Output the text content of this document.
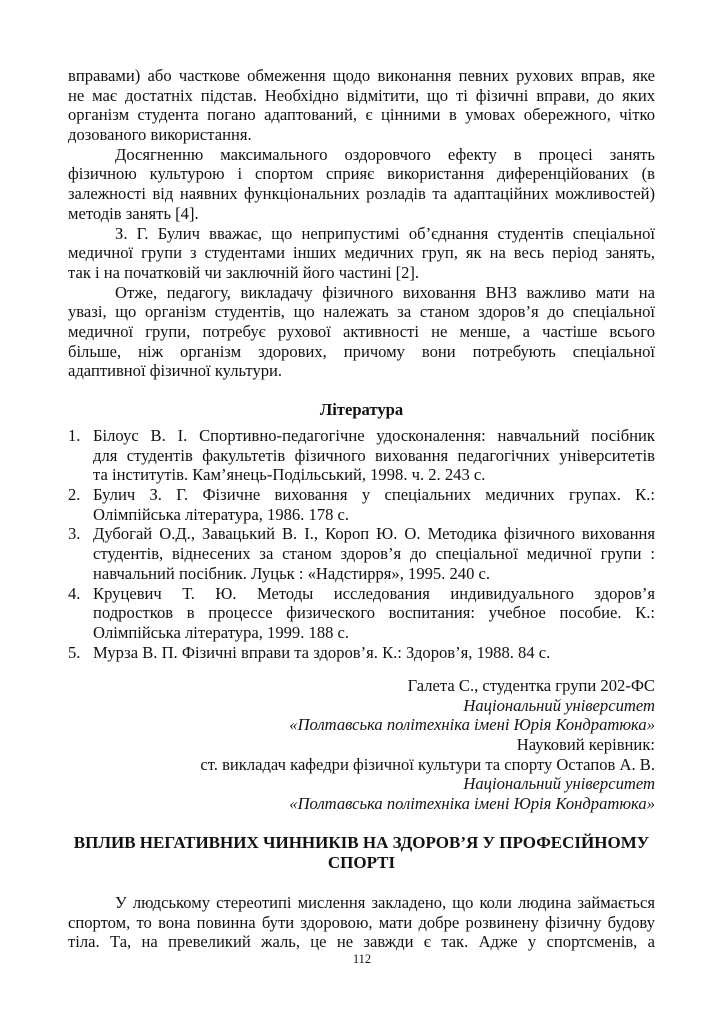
вправами) або часткове обмеження щодо виконання певних рухових вправ, яке
не має достатніх підстав. Необхідно відмітити, що ті фізичні вправи, до яких
організм студента погано адаптований, є цінними в умовах обережного, чітко
дозованого використання.
Досягненню максимального оздоровчого ефекту в процесі занять
фізичною культурою і спортом сприяє використання диференційованих (в
залежності від наявних функціональних розладів та адаптаційних можливостей)
методів занять [4].
З. Г. Булич вважає, що неприпустимі об’єднання студентів спеціальної
медичної групи з студентами інших медичних груп, як на весь період занять,
так і на початковій чи заключній його частині [2].
Отже, педагогу, викладачу фізичного виховання ВНЗ важливо мати на
увазі, що організм студентів, що належать за станом здоров’я до спеціальної
медичної групи, потребує рухової активності не менше, а частіше всього
більше, ніж організм здорових, причому вони потребують спеціальної
адаптивної фізичної культури.
Література
1. Білоус В. І. Спортивно-педагогічне удосконалення: навчальний посібник
для студентів факультетів фізичного виховання педагогічних університетів
та інститутів. Кам’янець-Подільський, 1998. ч. 2. 243 с.
2. Булич З. Г. Фізичне виховання у спеціальних медичних групах. К.:
Олімпійська література, 1986. 178 с.
3. Дубогай О.Д., Завацький В. І., Короп Ю. О. Методика фізичного виховання
студентів, віднесених за станом здоров’я до спеціальної медичної групи :
навчальний посібник. Луцьк : «Надстирря», 1995. 240 с.
4. Круцевич Т. Ю. Методы исследования индивидуального здоров’я
подростков в процессе физического воспитания: учебное пособие. К.:
Олімпійська література, 1999. 188 с.
5. Мурза В. П. Фізичні вправи та здоров’я. К.: Здоров’я, 1988. 84 с.
Галета С., студентка групи 202-ФС
Національний університет
«Полтавська політехніка імені Юрія Кондратюка»
Науковий керівник:
ст. викладач кафедри фізичної культури та спорту Остапов А. В.
Національний університет
«Полтавська політехніка імені Юрія Кондратюка»
ВПЛИВ НЕГАТИВНИХ ЧИННИКІВ НА ЗДОРОВ’Я У ПРОФЕСІЙНОМУ
СПОРТІ
У людському стереотипі мислення закладено, що коли людина займається
спортом, то вона повинна бути здоровою, мати добре розвинену фізичну будову
тіла. Та, на превеликий жаль, це не завжди є так. Адже у спортсменів, а
112
